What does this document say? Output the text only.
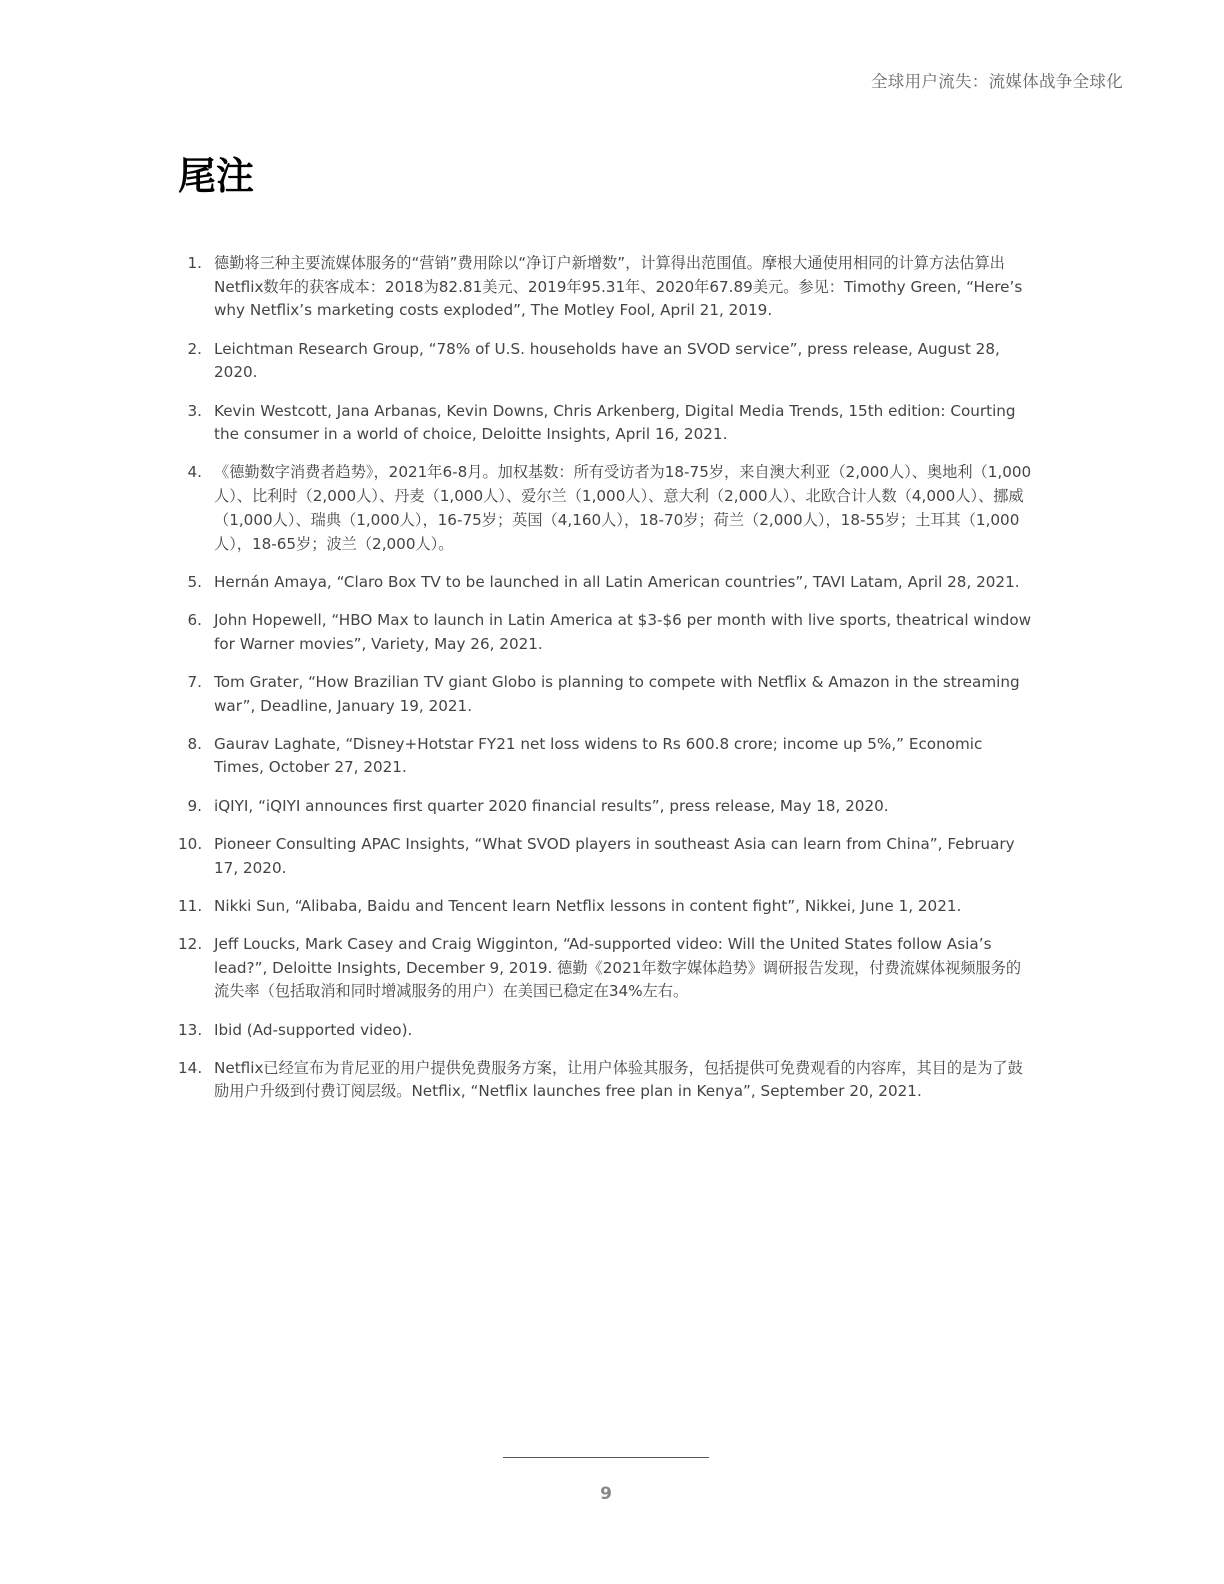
全球用户流失：流媒体战争全球化
尾注
1. 德勤将三种主要流媒体服务的“营销”费用除以“净订户新增数”，计算得出范围值。摩根大通使用相同的计算方法估算出Netflix数年的获客成本：2018为82.81美元、2019年95.31年、2020年67.89美元。参见：Timothy Green, “Here’s why Netflix’s marketing costs exploded”, The Motley Fool, April 21, 2019.
2. Leichtman Research Group, “78% of U.S. households have an SVOD service”, press release, August 28, 2020.
3. Kevin Westcott, Jana Arbanas, Kevin Downs, Chris Arkenberg, Digital Media Trends, 15th edition: Courting the consumer in a world of choice, Deloitte Insights, April 16, 2021.
4. 《德勤数字消费者趋势》，2021年6-8月。加权基数：所有受访者为18-75岁，来自澳大利亚（2,000人）、奥地利（1,000人）、比利时（2,000人）、丹麦（1,000人）、爱尔兰（1,000人）、意大利（2,000人）、北欧合计人数（4,000人）、挪威（1,000人）、瑞典（1,000人），16-75岁；英国（4,160人），18-70岁；荷兰（2,000人），18-55岁；土耳其（1,000人），18-65岁；波兰（2,000人）。
5. Hernán Amaya, “Claro Box TV to be launched in all Latin American countries”, TAVI Latam, April 28, 2021.
6. John Hopewell, “HBO Max to launch in Latin America at $3-$6 per month with live sports, theatrical window for Warner movies”, Variety, May 26, 2021.
7. Tom Grater, “How Brazilian TV giant Globo is planning to compete with Netflix & Amazon in the streaming war”, Deadline, January 19, 2021.
8. Gaurav Laghate, “Disney+Hotstar FY21 net loss widens to Rs 600.8 crore; income up 5%,” Economic Times, October 27, 2021.
9. iQIYI, “iQIYI announces first quarter 2020 financial results”, press release, May 18, 2020.
10. Pioneer Consulting APAC Insights, “What SVOD players in southeast Asia can learn from China”, February 17, 2020.
11. Nikki Sun, “Alibaba, Baidu and Tencent learn Netflix lessons in content fight”, Nikkei, June 1, 2021.
12. Jeff Loucks, Mark Casey and Craig Wigginton, “Ad-supported video: Will the United States follow Asia’s lead?”, Deloitte Insights, December 9, 2019. 德勤《2021年数字媒体趋势》调研报告发现，付费流媒体视频服务的流失率（包括取消和同时增减服务的用户）在美国已稳定在34%左右。
13. Ibid (Ad-supported video).
14. Netflix已经宣布为肯尼亚的用户提供免费服务方案，让用户体验其服务，包括提供可免费观看的内容库，其目的是为了鼓励用户升级到付费订阅层级。Netflix, “Netflix launches free plan in Kenya”, September 20, 2021.
9
